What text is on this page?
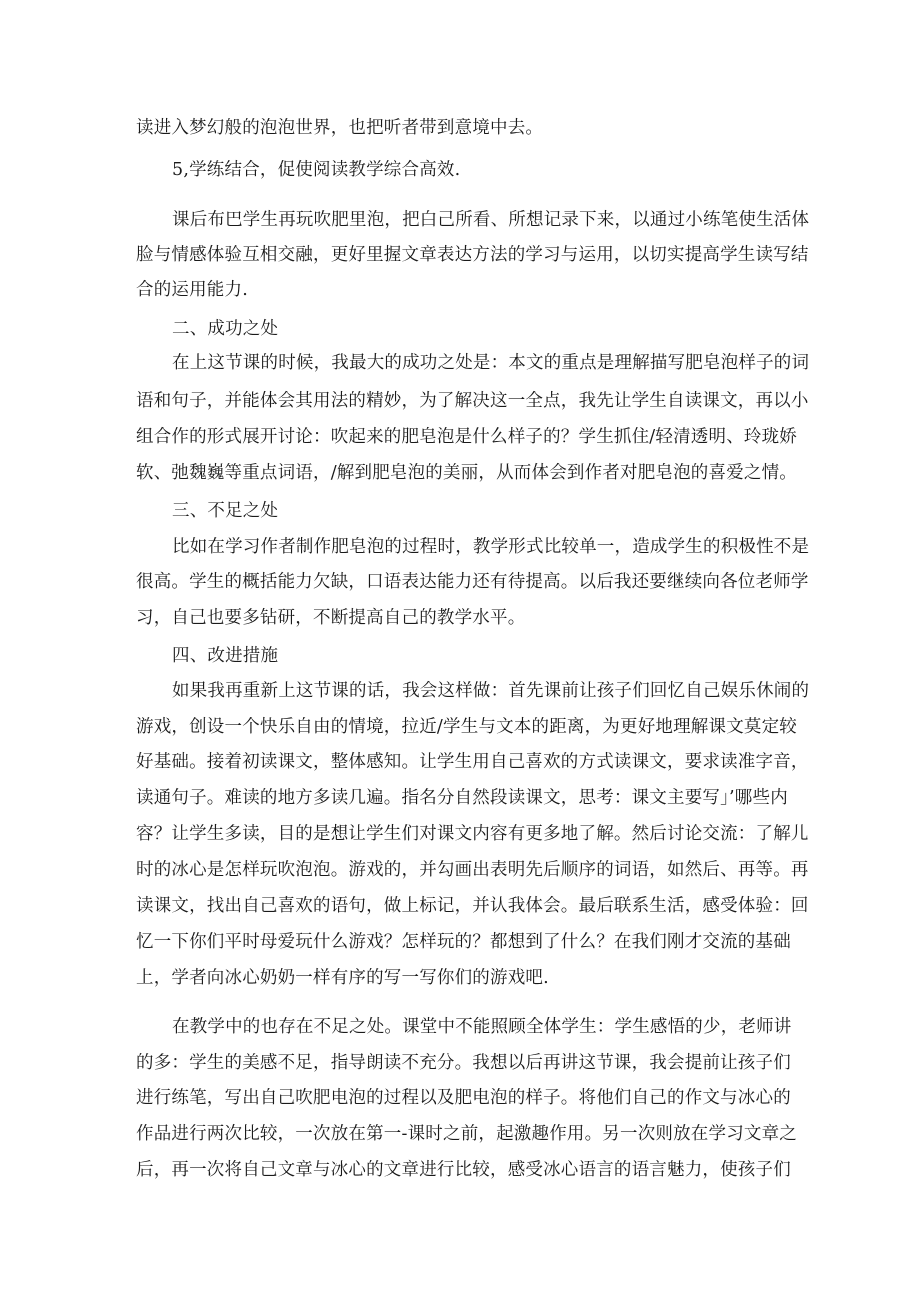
读进入梦幻般的泡泡世界，也把听者带到意境中去。
5,学练结合，促使阅读教学综合高效.
课后布巴学生再玩吹肥里泡，把白己所看、所想记录下来，以通过小练笔使生活体
脸与情感体验互相交融，更好里握文章表达方法的学习与运用，以切实提高学生读写结
合的运用能力.
二、成功之处
在上这节课的时候，我最大的成功之处是：本文的重点是理解描写肥皂泡样子的词
语和句子，并能体会其用法的精妙，为了解决这一全点，我先让学生自读课文，再以小
组合作的形式展开讨论：吹起来的肥皂泡是什么样子的？学生抓住/轻清透明、玲珑娇
软、弛魏巍等重点词语，/解到肥皂泡的美丽，从而体会到作者对肥皂泡的喜爱之情。
三、不足之处
比如在学习作者制作肥皂泡的过程时，教学形式比较单一，造成学生的积极性不是
很高。学生的概括能力欠缺，口语表达能力还有待提高。以后我还要继续向各位老师学
习，自己也要多钻研，不断提高自己的教学水平。
四、改进措施
如果我再重新上这节课的话，我会这样做：首先课前让孩子们回忆自己娱乐休闹的
游戏，创设一个快乐自由的情境，拉近/学生与文本的距离，为更好地理解课文莫定较
好基础。接着初读课文，整体感知。让学生用自己喜欢的方式读课文，要求读准字音，
读通句子。难读的地方多读几遍。指名分自然段读课文，思考：课文主要写」’哪些内
容？让学生多读，目的是想让学生们对课文内容有更多地了解。然后讨论交流：了解儿
时的冰心是怎样玩吹泡泡。游戏的，并勾画出表明先后顺序的词语，如然后、再等。再
读课文，找出自己喜欢的语句，做上标记，并认我体会。最后联系生活，感受体验：回
忆一下你们平时母爱玩什么游戏？怎样玩的？都想到了什么？在我们刚才交流的基础
上，学者向冰心奶奶一样有序的写一写你们的游戏吧.
在教学中的也存在不足之处。课堂中不能照顾全体学生：学生感悟的少，老师讲
的多：学生的美感不足，指导朗读不充分。我想以后再讲这节课，我会提前让孩子们
进行练笔，写出自己吹肥电泡的过程以及肥电泡的样子。将他们自己的作文与冰心的
作品进行两次比较，一次放在第一-课时之前，起激趣作用。另一次则放在学习文章之
后，再一次将自己文章与冰心的文章进行比较，感受冰心语言的语言魅力，使孩子们
